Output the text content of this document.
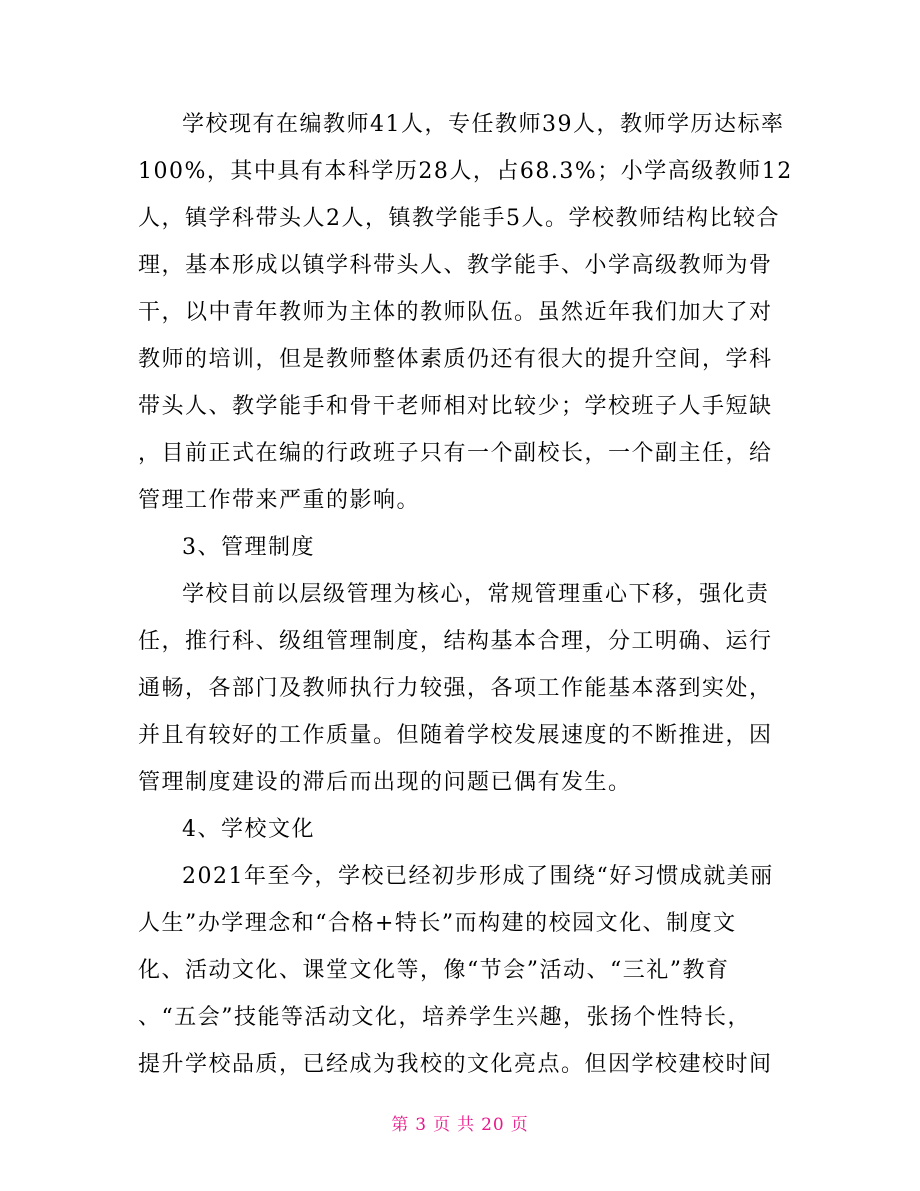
学校现有在编教师41人，专任教师39人，教师学历达标率
100%，其中具有本科学历28人，占68.3%；小学高级教师12
人，镇学科带头人2人，镇教学能手5人。学校教师结构比较合
理，基本形成以镇学科带头人、教学能手、小学高级教师为骨
干，以中青年教师为主体的教师队伍。虽然近年我们加大了对
教师的培训，但是教师整体素质仍还有很大的提升空间，学科
带头人、教学能手和骨干老师相对比较少；学校班子人手短缺
，目前正式在编的行政班子只有一个副校长，一个副主任，给
管理工作带来严重的影响。
3、管理制度
学校目前以层级管理为核心，常规管理重心下移，强化责
任，推行科、级组管理制度，结构基本合理，分工明确、运行
通畅，各部门及教师执行力较强，各项工作能基本落到实处，
并且有较好的工作质量。但随着学校发展速度的不断推进，因
管理制度建设的滞后而出现的问题已偶有发生。
4、学校文化
2021年至今，学校已经初步形成了围绕“好习惯成就美丽
人生”办学理念和“合格+特长”而构建的校园文化、制度文
化、活动文化、课堂文化等，像“节会”活动、“三礼”教育
、“五会”技能等活动文化，培养学生兴趣，张扬个性特长，
提升学校品质，已经成为我校的文化亮点。但因学校建校时间
第 3 页 共 20 页
